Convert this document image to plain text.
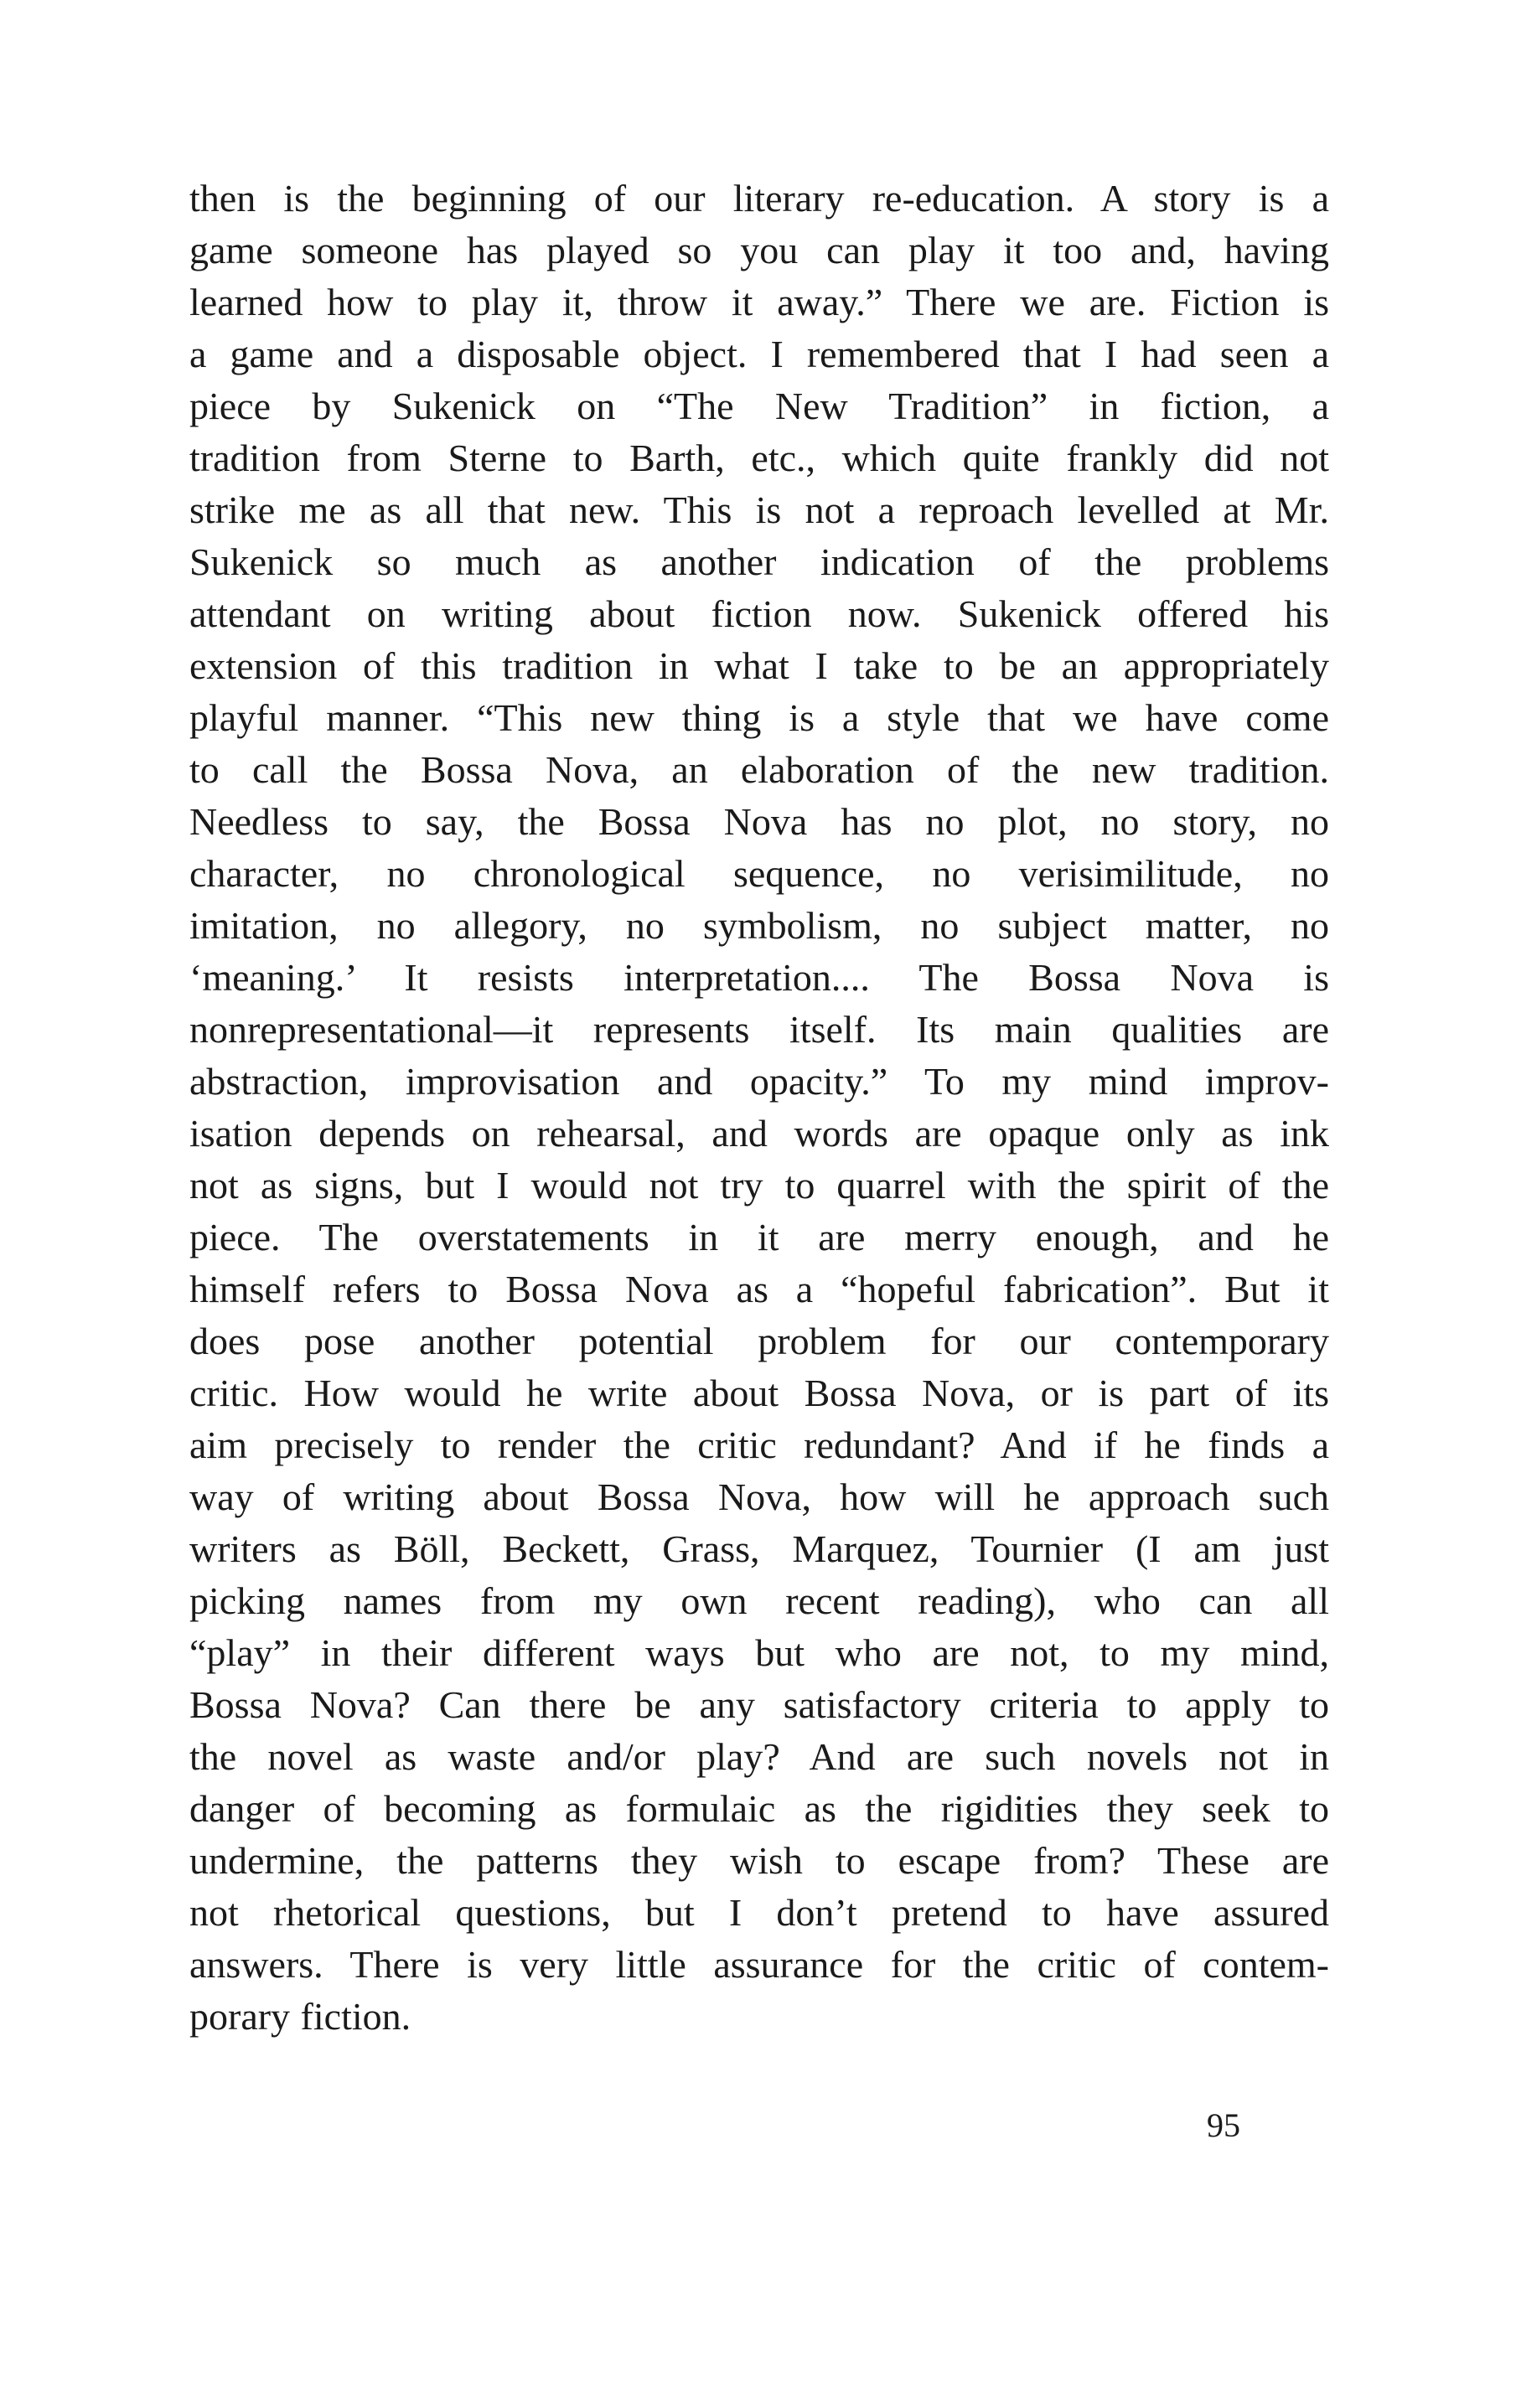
then is the beginning of our literary re-education. A story is a
game someone has played so you can play it too and, having
learned how to play it, throw it away.” There we are. Fiction is
a game and a disposable object. I remembered that I had seen a
piece by Sukenick on “The New Tradition” in fiction, a
tradition from Sterne to Barth, etc., which quite frankly did not
strike me as all that new. This is not a reproach levelled at Mr.
Sukenick so much as another indication of the problems
attendant on writing about fiction now. Sukenick offered his
extension of this tradition in what I take to be an appropriately
playful manner. “This new thing is a style that we have come
to call the Bossa Nova, an elaboration of the new tradition.
Needless to say, the Bossa Nova has no plot, no story, no
character, no chronological sequence, no verisimilitude, no
imitation, no allegory, no symbolism, no subject matter, no
‘meaning.’ It resists interpretation.... The Bossa Nova is
nonrepresentational—it represents itself. Its main qualities are
abstraction, improvisation and opacity.” To my mind improv-
isation depends on rehearsal, and words are opaque only as ink
not as signs, but I would not try to quarrel with the spirit of the
piece. The overstatements in it are merry enough, and he
himself refers to Bossa Nova as a “hopeful fabrication”. But it
does pose another potential problem for our contemporary
critic. How would he write about Bossa Nova, or is part of its
aim precisely to render the critic redundant? And if he finds a
way of writing about Bossa Nova, how will he approach such
writers as Böll, Beckett, Grass, Marquez, Tournier (I am just
picking names from my own recent reading), who can all
“play” in their different ways but who are not, to my mind,
Bossa Nova? Can there be any satisfactory criteria to apply to
the novel as waste and/or play? And are such novels not in
danger of becoming as formulaic as the rigidities they seek to
undermine, the patterns they wish to escape from? These are
not rhetorical questions, but I don’t pretend to have assured
answers. There is very little assurance for the critic of contem-
porary fiction.
95
